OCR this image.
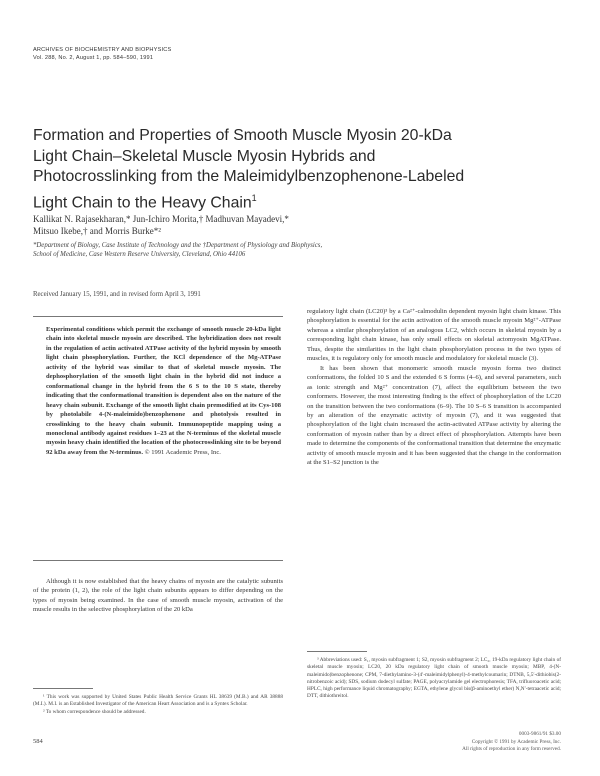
ARCHIVES OF BIOCHEMISTRY AND BIOPHYSICS
Vol. 288, No. 2, August 1, pp. 584–590, 1991
Formation and Properties of Smooth Muscle Myosin 20-kDa Light Chain–Skeletal Muscle Myosin Hybrids and Photocrosslinking from the Maleimidylbenzophenone-Labeled Light Chain to the Heavy Chain$^1$
Kallikat N. Rajasekharan,* Jun-Ichiro Morita,† Madhuvan Mayadevi,*
Mitsuo Ikebe,† and Morris Burke*²
*Department of Biology, Case Institute of Technology and the †Department of Physiology and Biophysics,
School of Medicine, Case Western Reserve University, Cleveland, Ohio 44106
Received January 15, 1991, and in revised form April 3, 1991

Experimental conditions which permit the exchange of smooth muscle 20-kDa light chain into skeletal muscle myosin are described. The hybridization does not result in the regulation of actin activated ATPase activity of the hybrid myosin by smooth light chain phosphorylation. Further, the KCl dependence of the Mg-ATPase activity of the hybrid was similar to that of skeletal muscle myosin. The dephosphorylation of the smooth light chain in the hybrid did not induce a conformational change in the hybrid from the 6 S to the 10 S state, thereby indicating that the conformational transition is dependent also on the nature of the heavy chain subunit. Exchange of the smooth light chain premodified at its Cys-108 by photolabile 4-(N-maleimido)benzophenone and photolysis resulted in crosslinking to the heavy chain subunit. Immunopeptide mapping using a monoclonal antibody against residues 1–23 at the N-terminus of the skeletal muscle myosin heavy chain identified the location of the photocrosslinking site to be beyond 92 kDa away from the N-terminus. © 1991 Academic Press, Inc.

Although it is now established that the heavy chains of myosin are the catalytic subunits of the protein (1, 2), the role of the light chain subunits appears to differ depending on the types of myosin being examined. In the case of smooth muscle myosin, activation of the muscle results in the selective phosphorylation of the 20 kDa

regulatory light chain (LC20)³ by a Ca²⁺-calmodulin dependent myosin light chain kinase. This phosphorylation is essential for the actin activation of the smooth muscle myosin Mg²⁺-ATPase whereas a similar phosphorylation of an analogous LC2, which occurs in skeletal myosin by a corresponding light chain kinase, has only small effects on skeletal actomyosin MgATPase. Thus, despite the similarities in the light chain phosphorylation process in the two types of muscles, it is regulatory only for smooth muscle and modulatory for skeletal muscle (3).

It has been shown that monomeric smooth muscle myosin forms two distinct conformations, the folded 10 S and the extended 6 S forms (4–6), and several parameters, such as ionic strength and Mg²⁺ concentration (7), affect the equilibrium between the two conformers. However, the most interesting finding is the effect of phosphorylation of the LC20 on the transition between the two conformations (6–9). The 10 S–6 S transition is accompanied by an alteration of the enzymatic activity of myosin (7), and it was suggested that phosphorylation of the light chain increased the actin-activated ATPase activity by altering the conformation of myosin rather than by a direct effect of phosphorylation. Attempts have been made to determine the components of the conformational transition that determine the enzymatic activity of smooth muscle myosin and it has been suggested that the change in the conformation at the S1–S2 junction is the

¹ This work was supported by United States Public Health Service Grants HL 38639 (M.B.) and AR 38888 (M.I.). M.I. is an Established Investigator of the American Heart Association and is a Syntex Scholar.

² To whom correspondence should be addressed.

³ Abbreviations used: S₁, myosin subfragment 1; S2, myosin subfragment 2; LC₂, 19-kDa regulatory light chain of skeletal muscle myosin; LC20, 20 kDa regulatory light chain of smooth muscle myosin; MBP, 4-(N-maleimido)benzophenone; CPM, 7-diethylamino-3-(4′-maleimidylphenyl)-4-methylcoumarin; DTNB, 5,5′-dithiobis(2-nitrobenzoic acid); SDS, sodium dodecyl sulfate; PAGE, polyacrylamide gel electrophoresis; TFA, trifluoroacetic acid; HPLC, high performance liquid chromatography; EGTA, ethylene glycol bis(β-aminoethyl ether) N,N′-tetraacetic acid; DTT, dithiothreitol.

584
0003-9861/91 $3.00
Copyright © 1991 by Academic Press, Inc.
All rights of reproduction in any form reserved.
